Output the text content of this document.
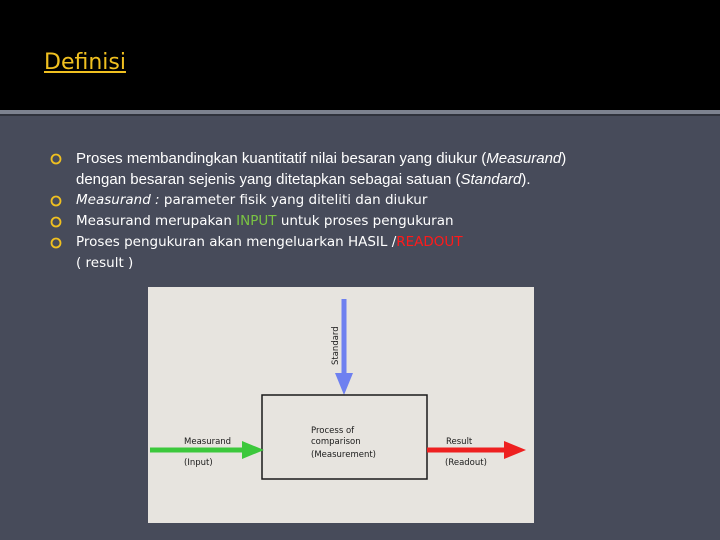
Definisi
Proses membandingkan kuantitatif nilai besaran yang diukur (Measurand)
dengan besaran sejenis yang ditetapkan sebagai satuan (Standard).
Measurand : parameter fisik yang diteliti dan diukur
Measurand merupakan INPUT untuk proses pengukuran
Proses pengukuran akan mengeluarkan HASIL /READOUT
( result )
Standard
Process of
comparison
(Measurement)
Measurand
(Input)
Result
(Readout)
